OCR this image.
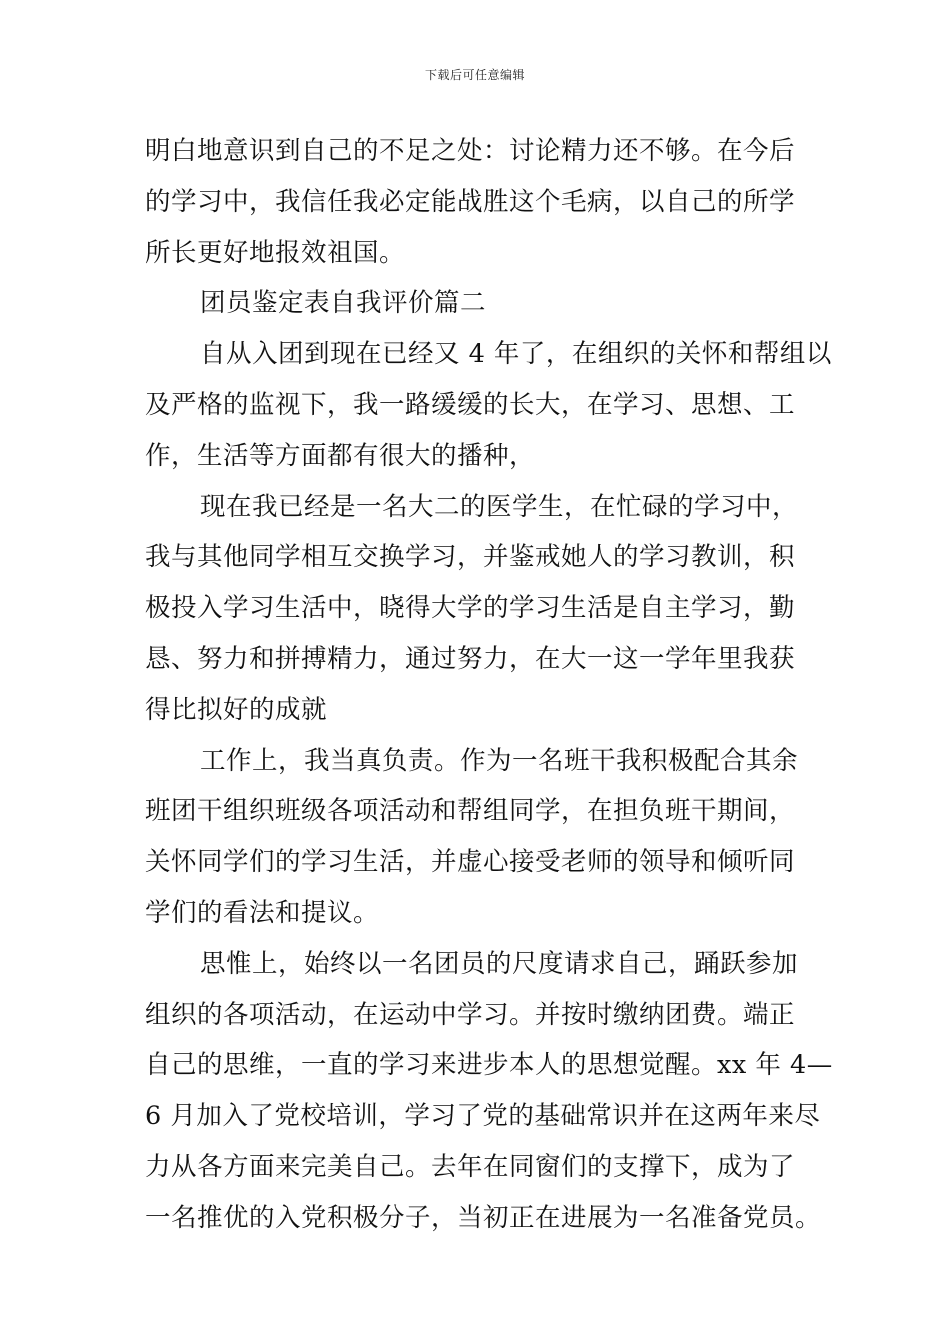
下载后可任意编辑

明白地意识到自己的不足之处：讨论精力还不够。在今后
的学习中，我信任我必定能战胜这个毛病，以自己的所学
所长更好地报效祖国。

团员鉴定表自我评价篇二

自从入团到现在已经又 4 年了，在组织的关怀和帮组以
及严格的监视下，我一路缓缓的长大，在学习、思想、工
作，生活等方面都有很大的播种，

现在我已经是一名大二的医学生，在忙碌的学习中，
我与其他同学相互交换学习，并鉴戒她人的学习教训，积
极投入学习生活中，晓得大学的学习生活是自主学习，勤
恳、努力和拼搏精力，通过努力，在大一这一学年里我获
得比拟好的成就

工作上，我当真负责。作为一名班干我积极配合其余
班团干组织班级各项活动和帮组同学，在担负班干期间，
关怀同学们的学习生活，并虚心接受老师的领导和倾听同
学们的看法和提议。

思惟上，始终以一名团员的尺度请求自己，踊跃参加
组织的各项活动，在运动中学习。并按时缴纳团费。端正
自己的思维，一直的学习来进步本人的思想觉醒。xx 年 4—
6 月加入了党校培训，学习了党的基础常识并在这两年来尽
力从各方面来完美自己。去年在同窗们的支撑下，成为了
一名推优的入党积极分子，当初正在进展为一名准备党员。
